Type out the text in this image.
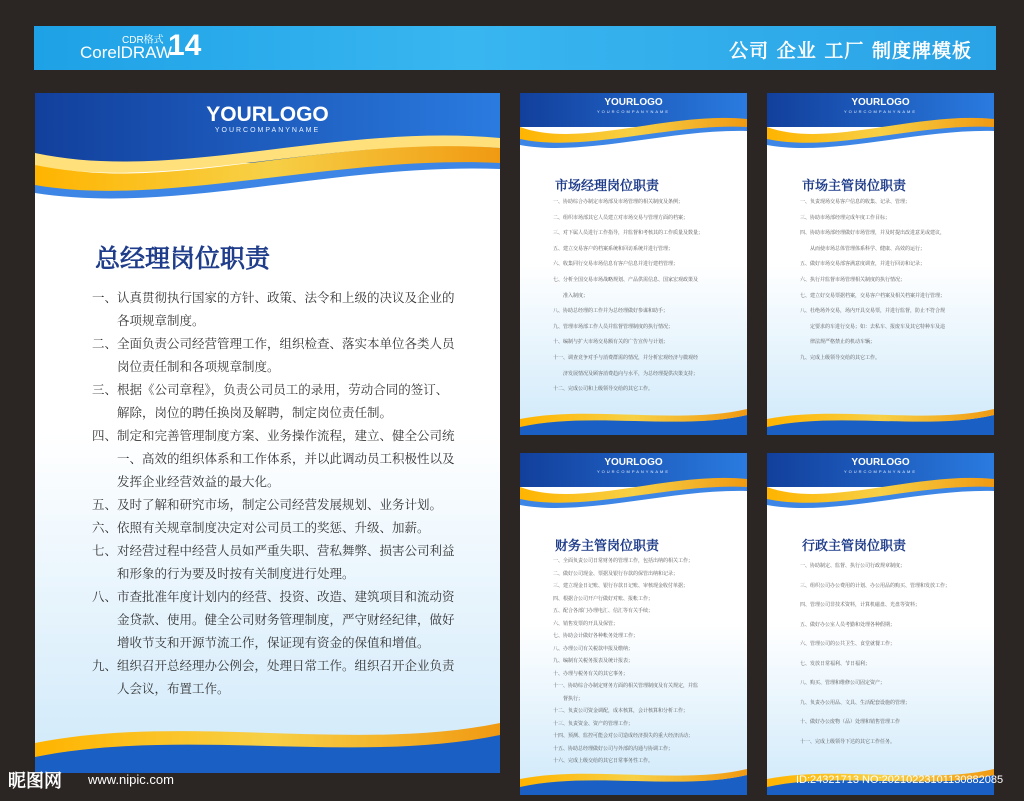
CDR格式
CorelDRAW
14	公司 企业 工厂 制度牌模板
YOURLOGO
YOURCOMPANYNAME
总经理岗位职责
一、认真贯彻执行国家的方针、政策、法令和上级的决议及企业的
　　各项规章制度。
二、全面负责公司经营管理工作，组织检查、落实本单位各类人员
　　岗位责任制和各项规章制度。
三、根据《公司章程》，负责公司员工的录用，劳动合同的签订、
　　解除，岗位的聘任换岗及解聘，制定岗位责任制。
四、制定和完善管理制度方案、业务操作流程，建立、健全公司统
　　一、高效的组织体系和工作体系，并以此调动员工积极性以及
　　发挥企业经营效益的最大化。
五、及时了解和研究市场，制定公司经营发展规划、业务计划。
六、依照有关规章制度决定对公司员工的奖惩、升级、加薪。
七、对经营过程中经营人员如严重失职、营私舞弊、损害公司利益
　　和形象的行为要及时按有关制度进行处理。
八、市查批准年度计划内的经营、投资、改造、建筑项目和流动资
　　金贷款、使用。健全公司财务管理制度，严守财经纪律，做好
　　增收节支和开源节流工作，保证现有资金的保值和增值。
九、组织召开总经理办公例会，处理日常工作。组织召开企业负责
　　人会议，布置工作。
YOURLOGO
YOURCOMPANYNAME
市场经理岗位职责
一、协助综合办制定市场部及市场管理的相关制度及条例；
二、组织市场部其它人员建立对市场交易与管理方面的档案；
三、对下属人员进行工作指导，并监督和考核其的工作质量及数量；
五、建立交易客户的档案系统和回访系统并进行管理；
六、收集同行交易市场信息有客户信息并进行建档管理；
七、分析全国交易市场战略规划、产品供需信息、国家宏观政策及
　　准入制度；
八、协助总经理的工作并为总经理做好参谋和助手；
九、管理市场部工作人员并监督管理制度的执行情况；
十、编制与扩大市场交易额有关的广告宣传与计划；
十一、调查竞争对手与消费群需的情况，并分析宏观经济与微观经
　　济发展情况及顾客消费趋向与水平，为总经理提供决策支持；
十二、完成公司和上级领导交给的其它工作。
YOURLOGO
YOURCOMPANYNAME
市场主管岗位职责
一、负责现场交易客户信息的收集、记录、管理；
三、协助市场部经理完成年度工作目标；
四、协助市场部经理做好市场管理，并及时提出改进意见或建议，
　　从而使市场总体管理体系科学、健康、高效的运行；
五、做好市场交易部客满意度调查，并进行回访和记录；
六、执行并监督市场管理相关制度的执行情况；
七、建立好交易票据档案，交易客户档案及相关档案并进行管理；
八、杜绝场外交易，场内开具交易票，并进行监督，防止不符合规
　　定要求的车进行交易；如：去私车、报废车及其它特种车及违
　　律法规严格禁止的机动车辆；
九、完成上级领导交给的其它工作。
YOURLOGO
YOURCOMPANYNAME
财务主管岗位职责
一、全面负责公司日常财务的管理工作，包括出纳的相关工作；
二、做好公司现金、票据及银行存款的保管出纳和记录；
三、建立现金日记账、银行存款日记账、审核现金收付单据；
四、根据合公司开户行做好对账、报帐工作；
五、配合各部门办理电汇、信汇等有关手续；
六、销售发票的开具及保管；
七、协助会计做好各种帐务处理工作；
八、办理公司有关税款申报及缴纳；
九、编制有关税务报表及统计报表；
十、办理与税务有关的其它事务；
十一、协助综合办制定财务方面的相关管理制度及有关规定，并监
　　督执行；
十二、负责公司资金调配，成本核算，会计核算和分析工作；
十三、负责资金、资产的管理工作；
十四、预测、监控可能会对公司造成经济损失的重大经济活动；
十五、协助总经理做好公司与外部的沟通与协调工作；
十六、完成上级交给的其它日常事务性工作。
YOURLOGO
YOURCOMPANYNAME
行政主管岗位职责
一、协助制定、监督、执行公司行政规章制度；
三、组织公司办公费用的计划、办公用品的购买、管理和发放工作；
四、管理公司非技术资料，计算机磁盘、光盘等资料；
五、做好办公室人员考勤和处理各种假期；
六、管理公司的公共卫生、食堂就餐工作；
七、发放日常福利、节日福利；
八、购买、管理和维修公司固定资产；
九、负责办公用品、文具、生活配套设施的管理；
十、做好办公废物（品）处理和销售管理工作
十一、完成上级领导下达的其它工作任务。
昵图网 www.nipic.com	ID:24321713 NO:20210223101130882085
